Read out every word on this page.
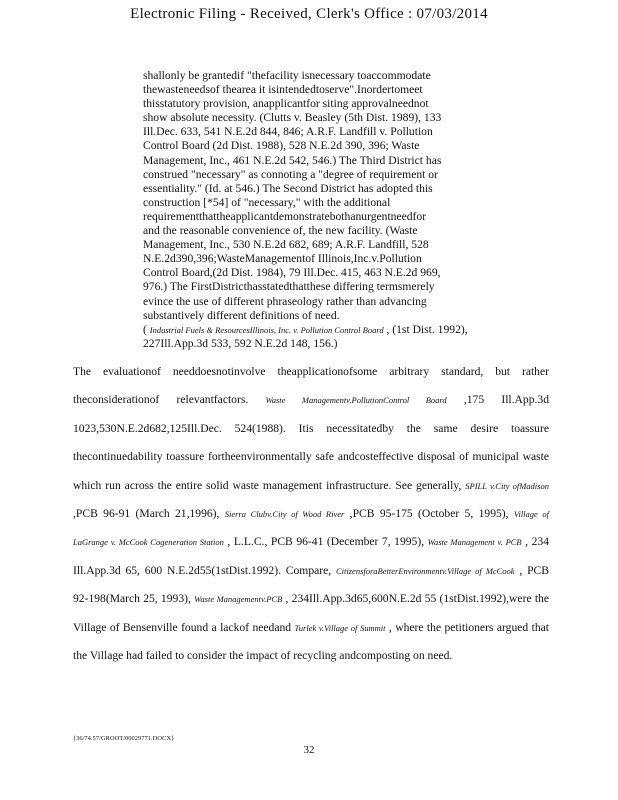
Electronic Filing - Received, Clerk's Office : 07/03/2014

shallonly be grantedif "thefacility isnecessary toaccommodate

thewasteneedsof thearea it isintendedtoserve".Inordertomeet

thisstatutory provision, anapplicantfor siting approvalneednot

show absolute necessity. (Clutts v. Beasley (5th Dist. 1989), 133

Ill.Dec. 633, 541 N.E.2d 844, 846; A.R.F. Landfill v. Pollution

Control Board (2d Dist. 1988), 528 N.E.2d 390, 396; Waste

Management, Inc., 461 N.E.2d 542, 546.) The Third District has

construed "necessary" as connoting a "degree of requirement or

essentiality." (Id. at 546.) The Second District has adopted this

construction [*54] of "necessary," with the additional

requirementthattheapplicantdemonstratebothanurgentneedfor

and the reasonable convenience of, the new facility. (Waste

Management, Inc., 530 N.E.2d 682, 689; A.R.F. Landfill, 528

N.E.2d390,396;WasteManagementof Illinois,Inc.v.Pollution

Control Board,(2d Dist. 1984), 79 Ill.Dec. 415, 463 N.E.2d 969,

976.) The FirstDistricthasstatedthatthese differing termsmerely

evince the use of different phraseology rather than advancing

substantively different definitions of need.

( Industrial Fuels & ResourcesIllinois, Inc. v. Pollution Control Board , (1st Dist. 1992), 227Ill.App.3d 533, 592 N.E.2d 148, 156.)

The evaluationof needdoesnotinvolve theapplicationofsome arbitrary standard, but rather theconsiderationof relevantfactors. Waste Managementv.PollutionControl Board ,175 Ill.App.3d 1023,530N.E.2d682,125Ill.Dec. 524(1988). Itis necessitatedby the same desire toassure thecontinuedability toassure fortheenvironmentally safe andcosteffective disposal of municipal waste which run across the entire solid waste management infrastructure. See generally, SPILL v.City ofMadison ,PCB 96-91 (March 21,1996), Sierra Clubv.City of Wood River ,PCB 95-175 (October 5, 1995), Village of LaGrange v. McCook Cogeneration Station , L.L.C., PCB 96-41 (December 7, 1995), Waste Management v. PCB , 234 Ill.App.3d 65, 600 N.E.2d55(1stDist.1992). Compare, CitizensforaBetterEnvironmentv.Village of McCook , PCB 92-198(March 25, 1993), Waste Managementv.PCB , 234Ill.App.3d65,600N.E.2d 55 (1stDist.1992),were the Village of Bensenville found a lackof needand Turlek v.Village of Summit , where the petitioners argued that the Village had failed to consider the impact of recycling andcomposting on need.

{36/74.57/GROOT/00029771.DOCX}
32
